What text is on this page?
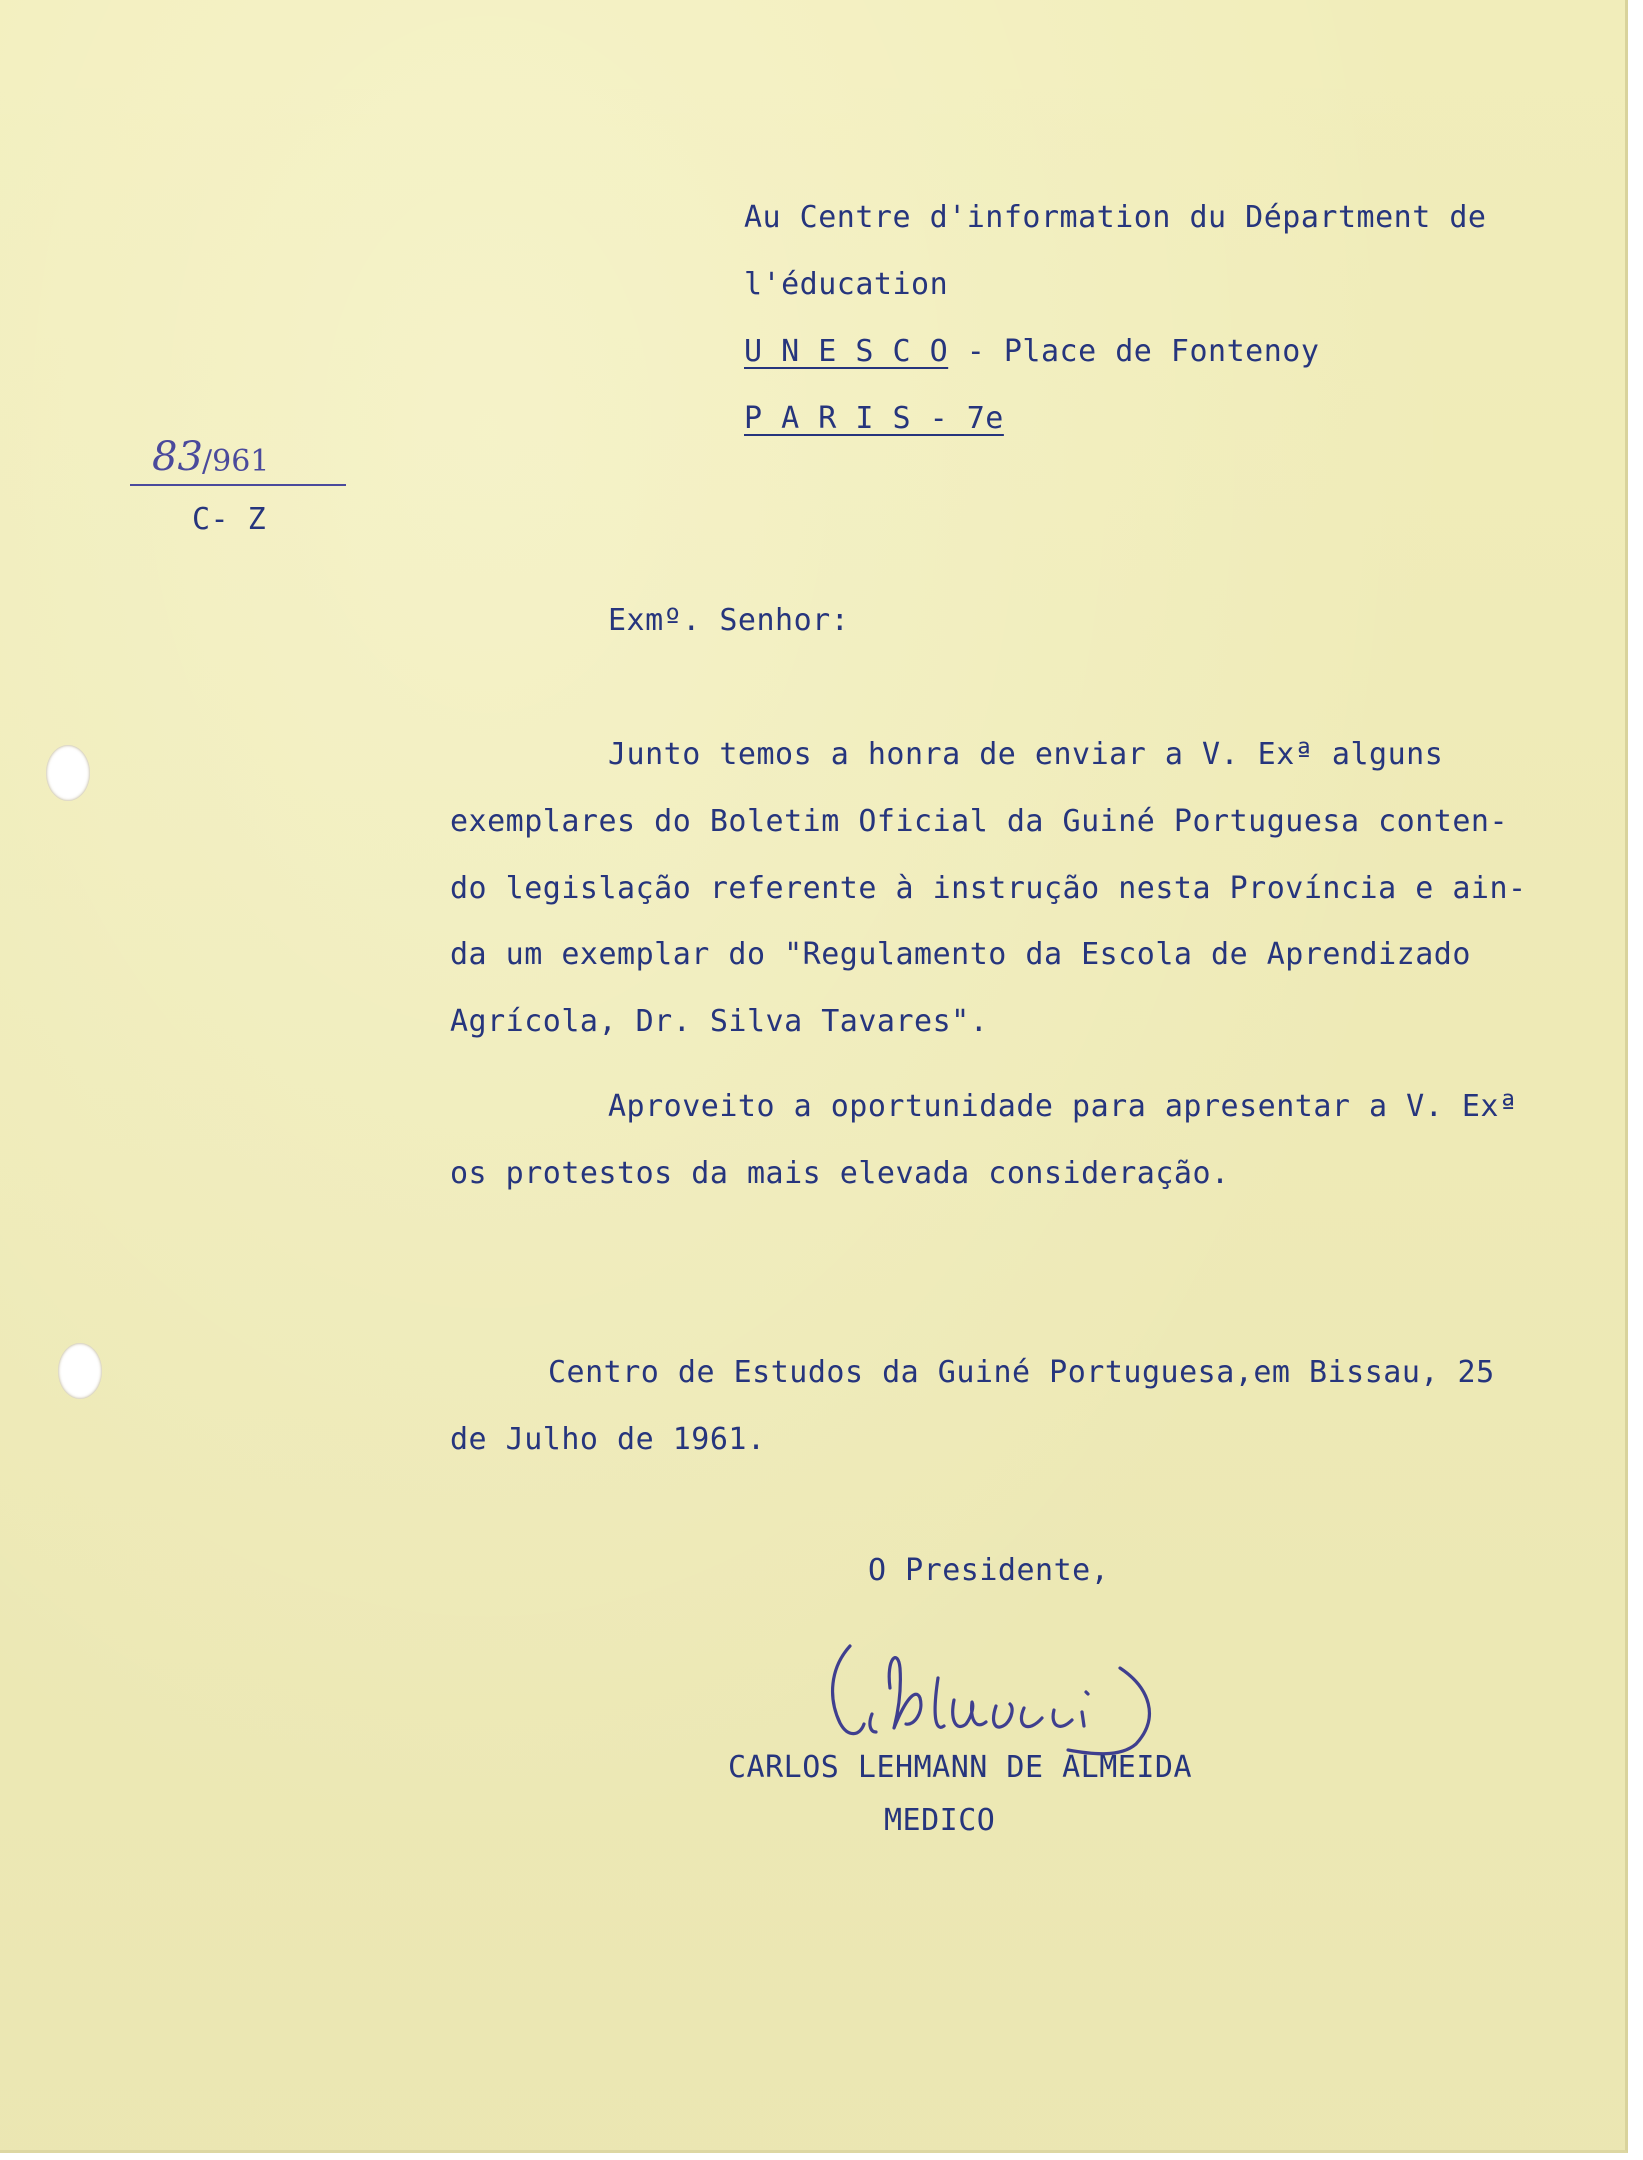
Au Centre d'information du Départment de
l'éducation
U N E S C O - Place de Fontenoy
P A R I S - 7e
83 /961
C- Z
Exmº. Senhor:
Junto temos a honra de enviar a V. Exª alguns
exemplares do Boletim Oficial da Guiné Portuguesa conten-
do legislação referente à instrução nesta Província e ain-
da um exemplar do "Regulamento da Escola de Aprendizado
Agrícola, Dr. Silva Tavares".
Aproveito a oportunidade para apresentar a V. Exª
os protestos da mais elevada consideração.
Centro de Estudos da Guiné Portuguesa,em Bissau, 25
de Julho de 1961.
O Presidente,
CARLOS LEHMANN DE ALMEIDA
MEDICO
